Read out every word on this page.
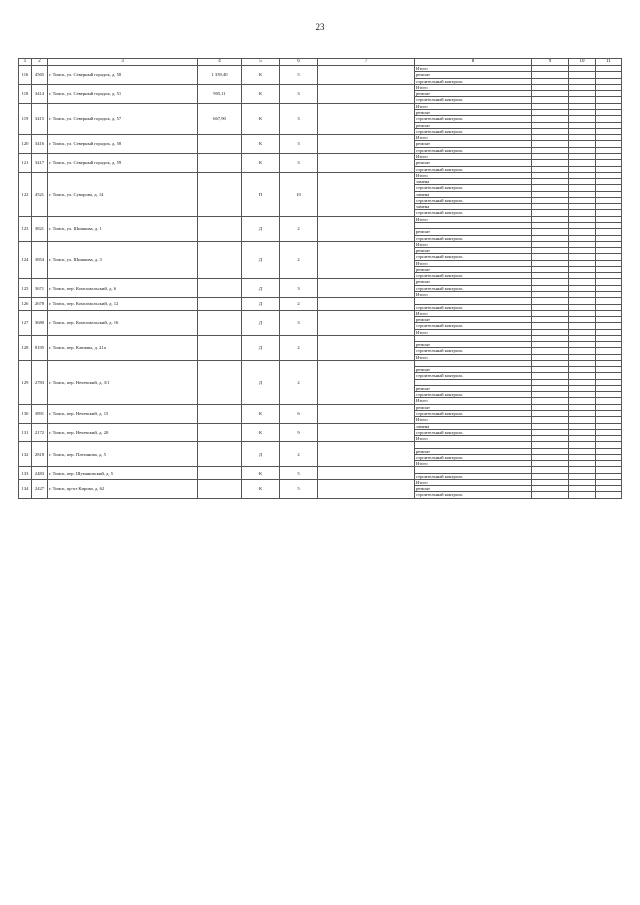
23
1	2	3	4	5	6	7	8	9	10	11
116	4565	г. Томск, ул. Северный городок, д. 50	1 339,40	К	5		Итого			
							ремонт			
							строительный контроль			
118	3414	г. Томск, ул. Северный городок, д. 51	905,11	К	3		Итого			
							ремонт			
							строительный контроль			
119	3415	г. Томск, ул. Северный городок, д. 57	667,90	К	3		Итого			
							ремонт			
							строительный контроль			
							ремонт			
							строительный контроль			
120	3416	г. Томск, ул. Северный городок, д. 58		К	3		Итого			
							ремонт			
							строительный контроль			
121	3417	г. Томск, ул. Северный городок, д. 59		К	3		Итого			
							ремонт			
							строительный контроль			
122	4521	г. Томск, ул. Суворова, д. 14		П	10		Итого			
							замена			
							строительный контроль			
							замена			
							строительный контроль			
							замена			
							строительный контроль			
123	3821	г. Томск, ул. Шишкова, д. 1		Д	2		Итого			

							ремонт			
							строительный контроль			
124	3854	г. Томск, ул. Шишкова, д. 3		Д	2		Итого			
							ремонт			
							строительный контроль			
							Итого			
							ремонт			
							строительный контроль			
125	3671	г. Томск, пер. Комсомольский, д. 6		Д	3		ремонт			
							строительный контроль			
							Итого			
126	2678	г. Томск, пер. Комсомольский, д. 12		Д	2					
							строительный контроль			
127	3680	г. Томск, пер. Комсомольский, д. 16		Д	3		Итого			
							ремонт			
							строительный контроль			
							Итого			
128	8195	г. Томск, пер. Клюквы, д. 21а		Д	2					
							ремонт			
							строительный контроль			
							Итого			
129	2783	г. Томск, пер. Нечевский, д. 3/1		Д	2					
							ремонт			
							строительный контроль			

							ремонт			
							строительный контроль			
							Итого			
130	3891	г. Томск, пер. Нечевский, д. 15		К	6		ремонт			
							строительный контроль			
							Итого			
131	2172	г. Томск, пер. Нечевский, д. 20		К	9		замена			
							строительный контроль			
							Итого			
132	2818	г. Томск, пер. Плеханова, д. 5		Д	2					
							ремонт			
							строительный контроль			
							Итого			
133	2483	г. Томск, пер. Шумяновский, д. 5		К	5					
							строительный контроль			
134	2427	г. Томск, пр-кт Кирова, д. 62		К	5		Итого			
							ремонт			
							строительный контроль			
